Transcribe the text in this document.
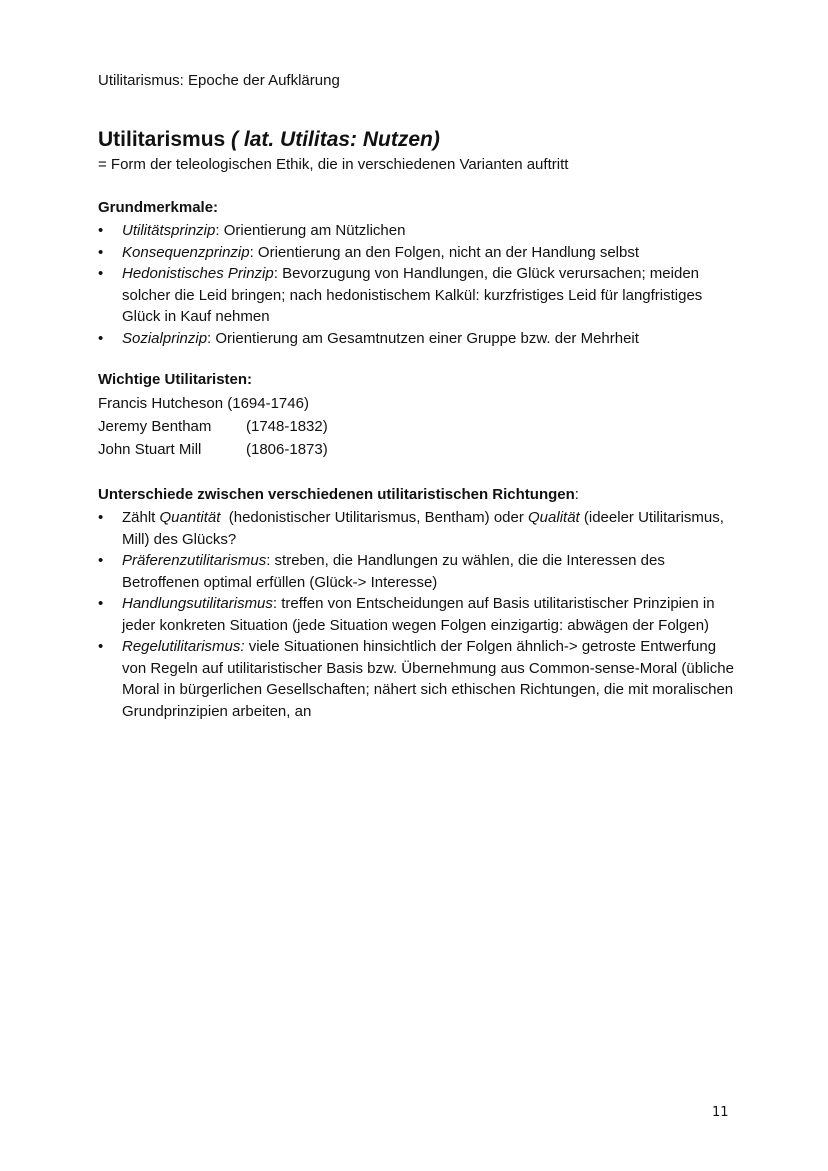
Utilitarismus: Epoche der Aufklärung
Utilitarismus ( lat. Utilitas: Nutzen)

= Form der teleologischen Ethik, die in verschiedenen Varianten auftritt

Grundmerkmale:
• Utilitätsprinzip: Orientierung am Nützlichen
• Konsequenzprinzip: Orientierung an den Folgen, nicht an der Handlung selbst
• Hedonistisches Prinzip: Bevorzugung von Handlungen, die Glück verursachen; meiden solcher die Leid bringen; nach hedonistischem Kalkül: kurzfristiges Leid für langfristiges Glück in Kauf nehmen
• Sozialprinzip: Orientierung am Gesamtnutzen einer Gruppe bzw. der Mehrheit
Wichtige Utilitaristen:
Francis Hutcheson
(1694-1746)
Jeremy Bentham	(1748-1832)
John Stuart Mill	(1806-1873)
Unterschiede zwischen verschiedenen utilitaristischen Richtungen:
• Zählt Quantität  (hedonistischer Utilitarismus, Bentham) oder Qualität (ideeler Utilitarismus, Mill) des Glücks?
• Präferenzutilitarismus: streben, die Handlungen zu wählen, die die Interessen des Betroffenen optimal erfüllen (Glück-> Interesse)
• Handlungsutilitarismus: treffen von Entscheidungen auf Basis utilitaristischer Prinzipien in jeder konkreten Situation (jede Situation wegen Folgen einzigartig: abwägen der Folgen)
• Regelutilitarismus: viele Situationen hinsichtlich der Folgen ähnlich-> getroste Entwerfung von Regeln auf utilitaristischer Basis bzw. Übernehmung aus Common-sense-Moral (übliche Moral in bürgerlichen Gesellschaften; nähert sich ethischen Richtungen, die mit moralischen Grundprinzipien arbeiten, an
11
